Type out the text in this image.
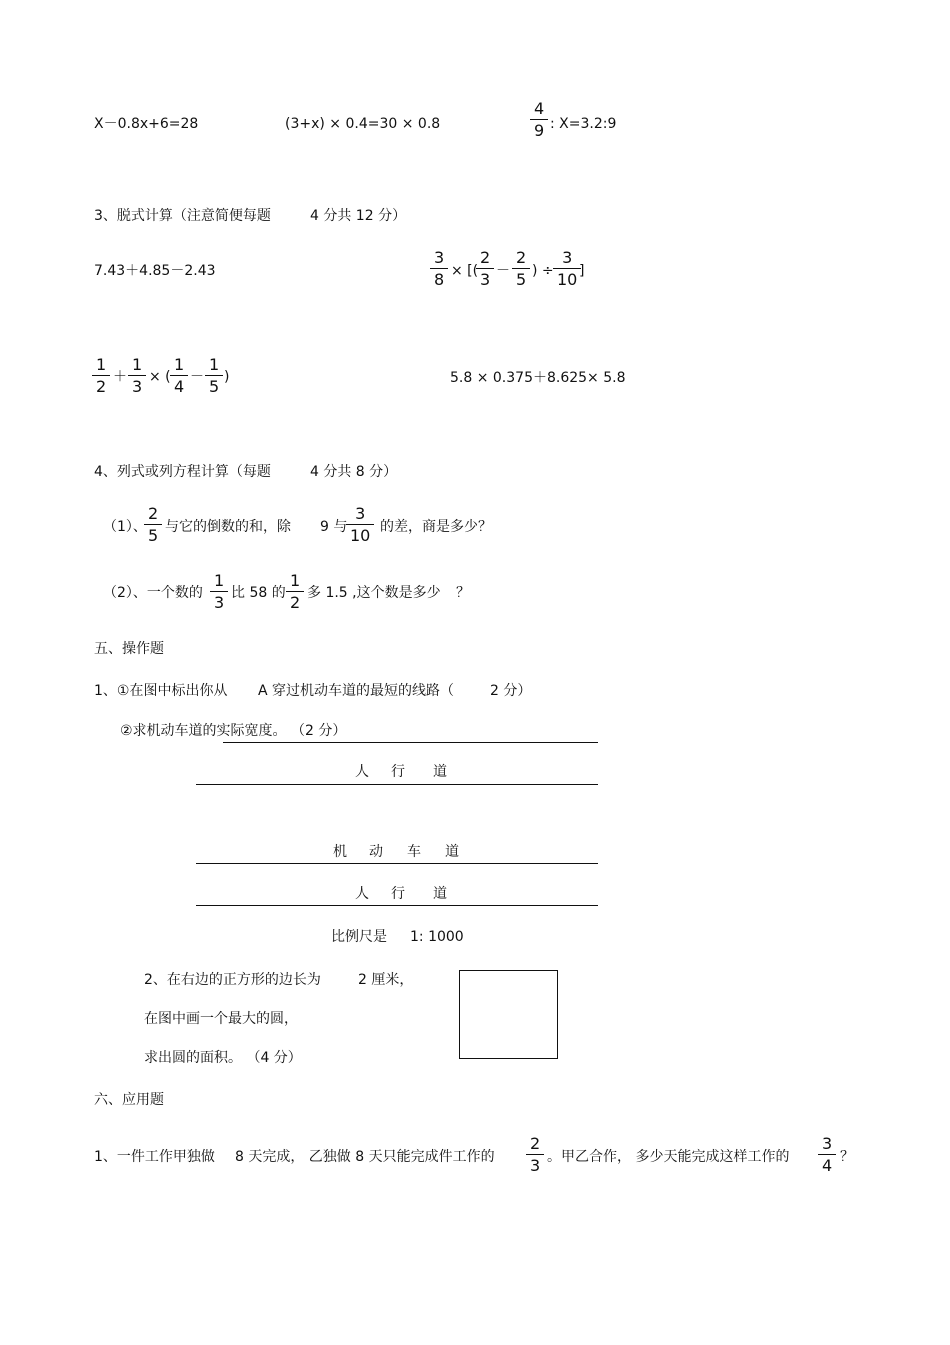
X－0.8x+6=28	(3+x) × 0.4=30 × 0.8	$\frac{4}{9}$ : X=3.2:9
3、脱式计算（注意简便每题	4 分共 12 分）
7.43＋4.85－2.43	$\frac{3}{8}$ × [( $\frac{2}{3} - \frac{2}{5}$ ) ÷ $\frac{3}{10}$ ]
$\frac{1}{2} + \frac{1}{3}$ × ( $\frac{1}{4} - \frac{1}{5}$ )	5.8 × 0.375＋8.625× 5.8
4、列式或列方程计算（每题	4 分共 8 分）
（1）、 $\frac{2}{5}$ 与它的倒数的和，除 9 与 $\frac{3}{10}$ 的差，商是多少？
（2）、一个数的 $\frac{1}{3}$ 比 58 的 $\frac{1}{2}$ 多 1.5 ,这个数是多少 ？
五、操作题
1、①在图中标出你从 A 穿过机动车道的最短的线路（	2 分）
②求机动车道的实际宽度。 （2 分）
人 行 道
机 动 车 道
人 行 道
比例尺是 1: 1000
2、在右边的正方形的边长为	2 厘米，
在图中画一个最大的圆，
求出圆的面积。 （4 分）
六、应用题
1、一件工作甲独做 8 天完成， 乙独做 8 天只能完成件工作的 $\frac{2}{3}$ 。甲乙合作， 多少天能完成这样工作的 $\frac{3}{4}$ ？
